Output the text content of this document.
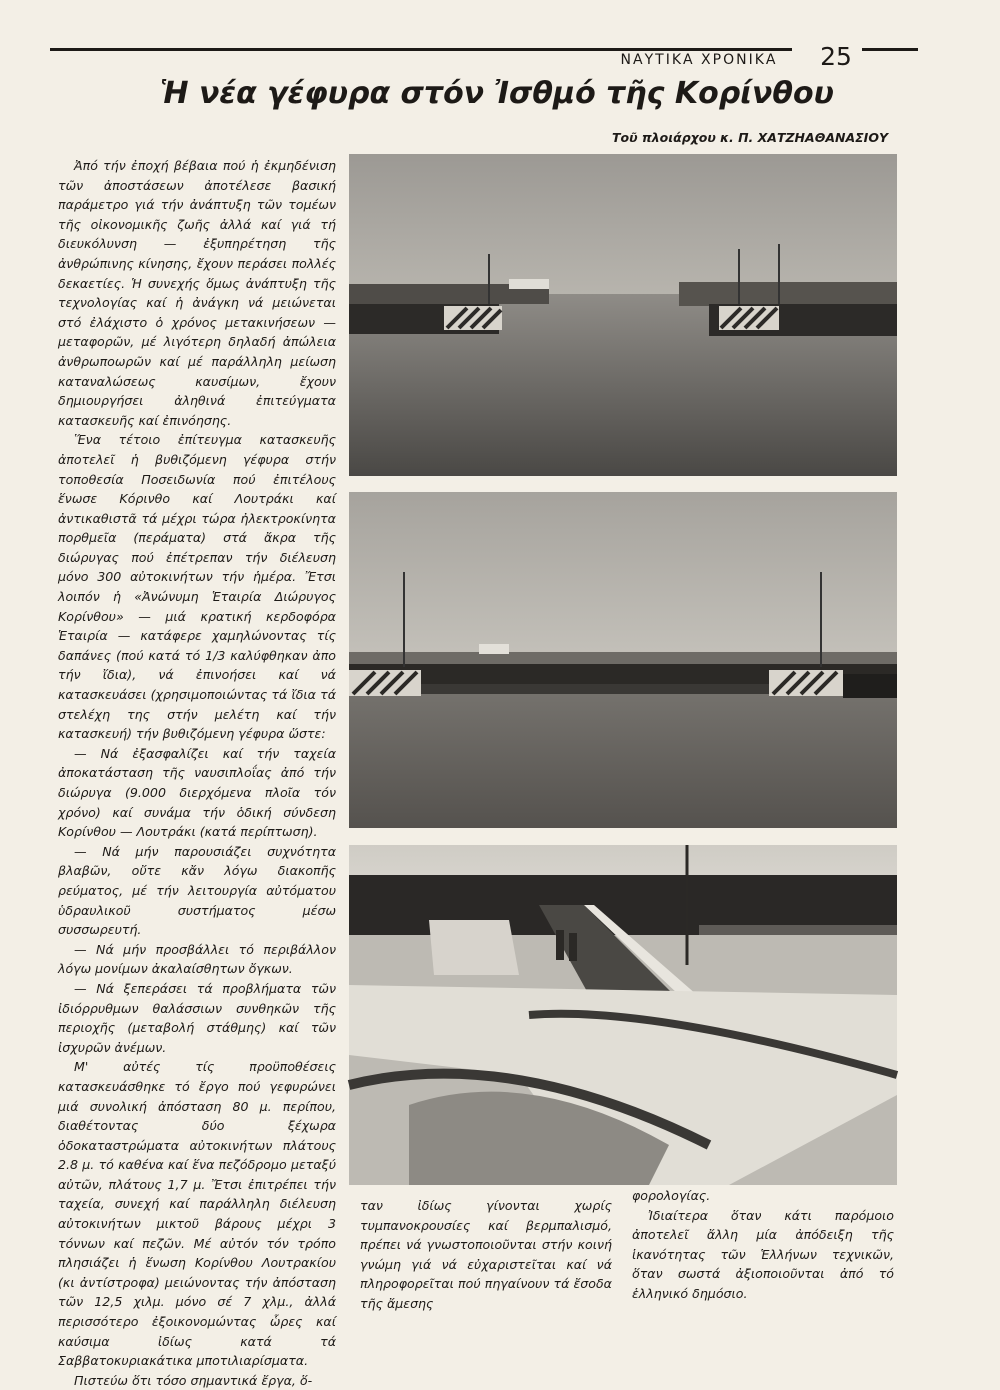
ΝΑΥΤΙΚΑ ΧΡΟΝΙΚΑ	25
Ἡ νέα γέφυρα στόν Ἰσθμό τῆς Κορίνθου
Τοῦ πλοιάρχου κ. Π. ΧΑΤΖΗΑΘΑΝΑΣΙΟΥ

Ἀπό τήν ἐποχή βέβαια πού ἡ ἐκμηδένιση τῶν ἀποστάσεων ἀποτέλεσε βασική παράμετρο γιά τήν ἀνάπτυξη τῶν τομέων τῆς οἰκονομικῆς ζωῆς ἀλλά καί γιά τή διευκόλυνση — ἐξυπηρέτηση τῆς ἀνθρώπινης κίνησης, ἔχουν περάσει πολλές δεκαετίες. Ἡ συνεχής ὅμως ἀνάπτυξη τῆς τεχνολογίας καί ἡ ἀνάγκη νά μειώνεται στό ἐλάχιστο ὁ χρόνος μετακινήσεων — μεταφορῶν, μέ λιγότερη δηλαδή ἀπώλεια ἀνθρωποωρῶν καί μέ παράλληλη μείωση καταναλώσεως καυσίμων, ἔχουν δημιουργήσει ἀληθινά ἐπιτεύγματα κατασκευῆς καί ἐπινόησης.

Ἕνα τέτοιο ἐπίτευγμα κατασκευῆς ἀποτελεῖ ἡ βυθιζόμενη γέφυρα στήν τοποθεσία Ποσειδωνία πού ἐπιτέλους ἕνωσε Κόρινθο καί Λουτράκι καί ἀντικαθιστᾶ τά μέχρι τώρα ἠλεκτροκίνητα πορθμεῖα (περάματα) στά ἄκρα τῆς διώρυγας πού ἐπέτρεπαν τήν διέλευση μόνο 300 αὐτοκινήτων τήν ἡμέρα. Ἔτσι λοιπόν ἡ «Ἀνώνυμη Ἑταιρία Διώρυγος Κορίνθου» — μιά κρατική κερδοφόρα Ἑταιρία — κατάφερε χαμηλώνοντας τίς δαπάνες (πού κατά τό 1/3 καλύφθηκαν ἀπο τήν ἴδια), νά ἐπινοήσει καί νά κατασκευάσει (χρησιμοποιώντας τά ἴδια τά στελέχη της στήν μελέτη καί τήν κατασκευή) τήν βυθιζόμενη γέφυρα ὥστε:

— Νά ἐξασφαλίζει καί τήν ταχεία ἀποκατάσταση τῆς ναυσιπλοΐας ἀπό τήν διώρυγα (9.000 διερχόμενα πλοῖα τόν χρόνο) καί συνάμα τήν ὁδική σύνδεση Κορίνθου — Λουτράκι (κατά περίπτωση).

— Νά μήν παρουσιάζει συχνότητα βλαβῶν, οὔτε κἄν λόγω διακοπῆς ρεύματος, μέ τήν λειτουργία αὐτόματου ὑδραυλικοῦ συστήματος μέσω συσσωρευτή.

— Νά μήν προσβάλλει τό περιβάλλον λόγω μονίμων ἀκαλαίσθητων ὄγκων.

— Νά ξεπεράσει τά προβλήματα τῶν ἰδιόρρυθμων θαλάσσιων συνθηκῶν τῆς περιοχῆς (μεταβολή στάθμης) καί τῶν ἰσχυρῶν ἀνέμων.

Μ' αὐτές τίς προϋποθέσεις κατασκευάσθηκε τό ἔργο πού γεφυρώνει μιά συνολική ἀπόσταση 80 μ. περίπου, διαθέτοντας δύο ξέχωρα ὁδοκαταστρώματα αὐτοκινήτων πλάτους 2.8 μ. τό καθένα καί ἕνα πεζόδρομο μεταξύ αὐτῶν, πλάτους 1,7 μ. Ἔτσι ἐπιτρέπει τήν ταχεία, συνεχή καί παράλληλη διέλευση αὐτοκινήτων μικτοῦ βάρους μέχρι 3 τόννων καί πεζῶν. Μέ αὐτόν τόν τρόπο πλησιάζει ἡ ἕνωση Κορίνθου Λουτρακίου (κι ἀντίστροφα) μειώνοντας τήν ἀπόσταση τῶν 12,5 χιλμ. μόνο σέ 7 χλμ., ἀλλά περισσότερο ἐξοικονομώντας ὧρες καί καύσιμα ἰδίως κατά τά Σαββατοκυριακάτικα μποτιλιαρίσματα.

Πιστεύω ὅτι τόσο σημαντικά ἔργα, ὅ-

ταν ἰδίως γίνονται χωρίς τυμπανοκρουσίες καί βερμπαλισμό, πρέπει νά γνωστοποιοῦνται στήν κοινή γνώμη γιά νά εὐχαριστεῖται καί νά πληροφορεῖται πού πηγαίνουν τά ἔσοδα τῆς ἄμεσης

φορολογίας.

Ἰδιαίτερα ὅταν κάτι παρόμοιο ἀποτελεῖ ἄλλη μία ἀπόδειξη τῆς ἱκανότητας τῶν Ἑλλήνων τεχνικῶν, ὅταν σωστά ἀξιοποιοῦνται ἀπό τό ἑλληνικό δημόσιο.
